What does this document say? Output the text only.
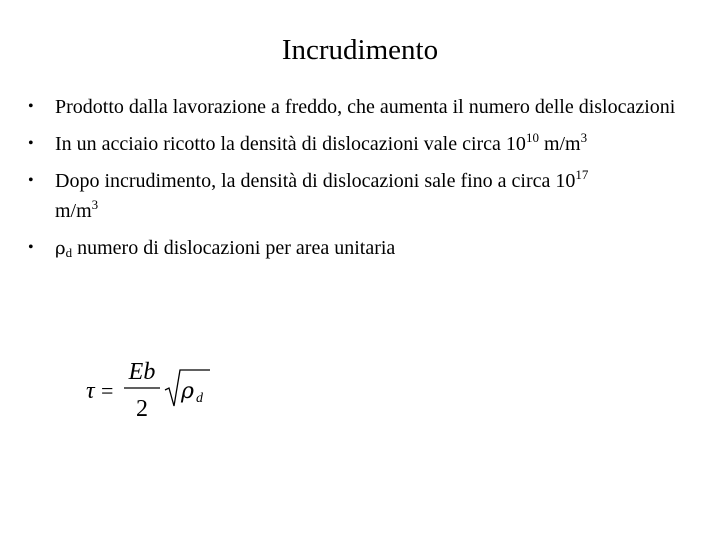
Incrudimento
• Prodotto dalla lavorazione a freddo, che aumenta il numero delle dislocazioni
• In un acciaio ricotto la densità di dislocazioni vale circa $10^{10}$ $m/m^3$
• Dopo incrudimento, la densità di dislocazioni sale fino a circa $10^{17}$
$m/m^3$
• $\rho_d$ numero di dislocazioni per area unitaria
τ =
Eb
2
ρ d
